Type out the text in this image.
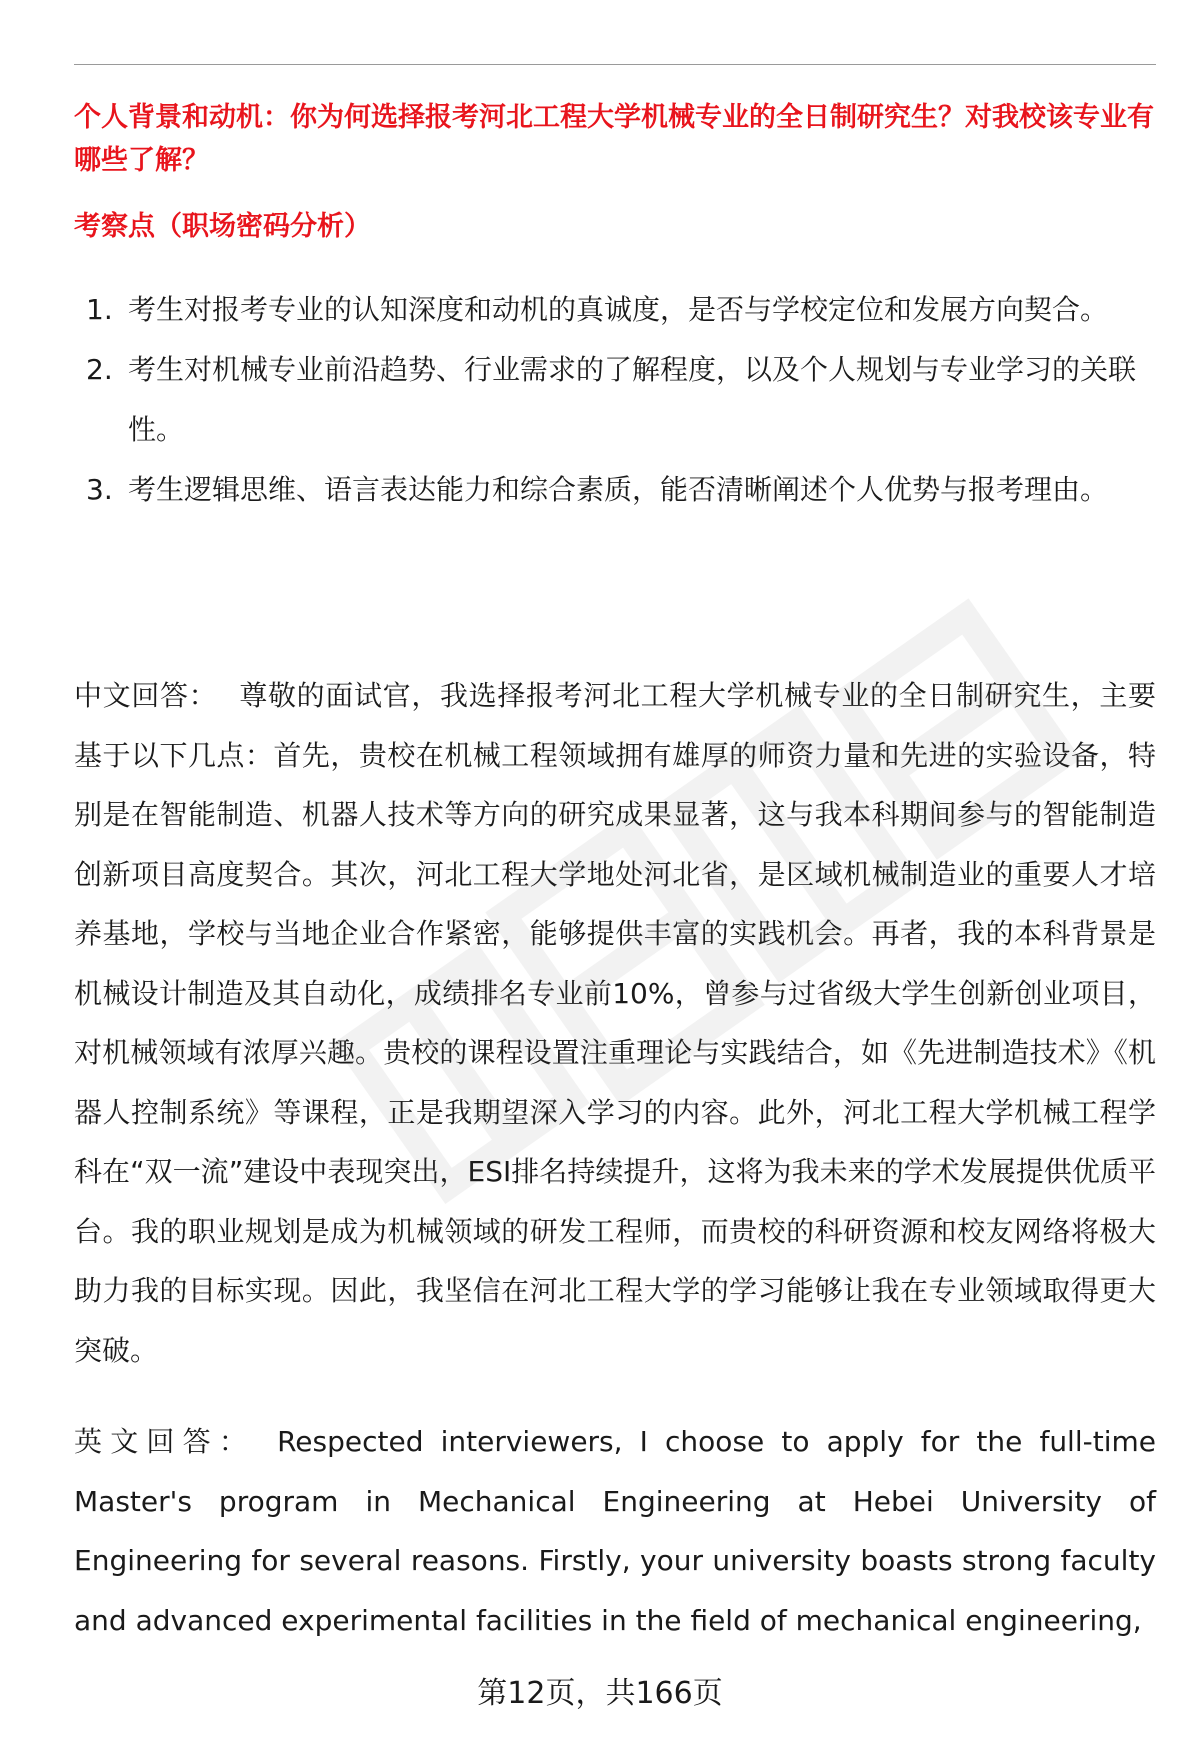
个人背景和动机：你为何选择报考河北工程大学机械专业的全日制研究生？对我校该专业有哪些了解？

考察点（职场密码分析）

1. 考生对报考专业的认知深度和动机的真诚度，是否与学校定位和发展方向契合。
2. 考生对机械专业前沿趋势、行业需求的了解程度，以及个人规划与专业学习的关联性。
3. 考生逻辑思维、语言表达能力和综合素质，能否清晰阐述个人优势与报考理由。

中文回答： 尊敬的面试官，我选择报考河北工程大学机械专业的全日制研究生，主要基于以下几点：首先，贵校在机械工程领域拥有雄厚的师资力量和先进的实验设备，特别是在智能制造、机器人技术等方向的研究成果显著，这与我本科期间参与的智能制造创新项目高度契合。其次，河北工程大学地处河北省，是区域机械制造业的重要人才培养基地，学校与当地企业合作紧密，能够提供丰富的实践机会。再者，我的本科背景是机械设计制造及其自动化，成绩排名专业前10%，曾参与过省级大学生创新创业项目，对机械领域有浓厚兴趣。贵校的课程设置注重理论与实践结合，如《先进制造技术》《机器人控制系统》等课程，正是我期望深入学习的内容。此外，河北工程大学机械工程学科在“双一流”建设中表现突出，ESI排名持续提升，这将为我未来的学术发展提供优质平台。我的职业规划是成为机械领域的研发工程师，而贵校的科研资源和校友网络将极大助力我的目标实现。因此，我坚信在河北工程大学的学习能够让我在专业领域取得更大突破。

英文回答： Respected interviewers, I choose to apply for the full-time Master's program in Mechanical Engineering at Hebei University of Engineering for several reasons. Firstly, your university boasts strong faculty and advanced experimental facilities in the field of mechanical engineering,

第12页，共166页
